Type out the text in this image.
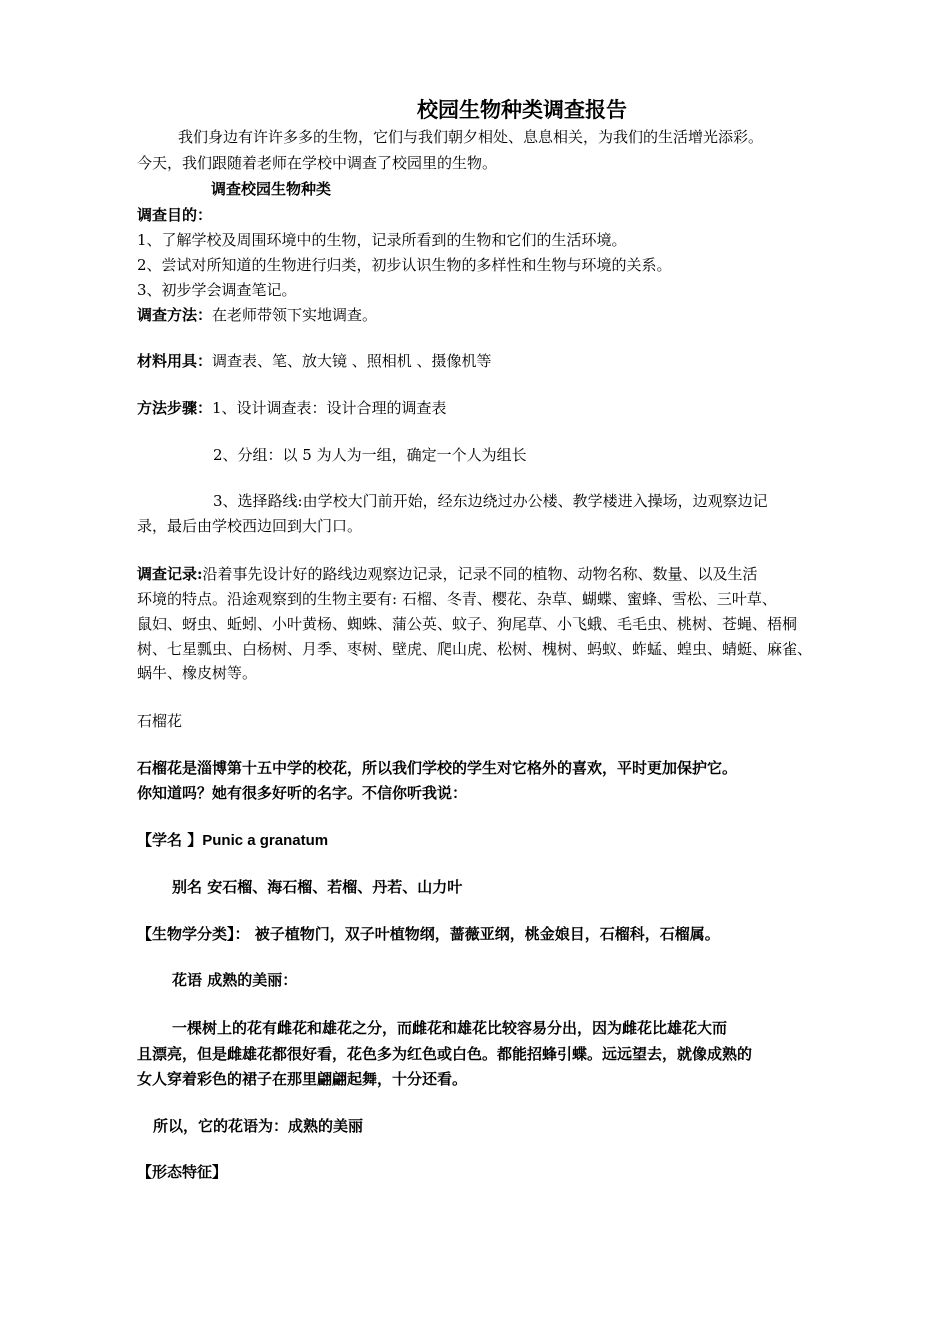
校园生物种类调查报告
我们身边有许许多多的生物，它们与我们朝夕相处、息息相关，为我们的生活增光添彩。
今天，我们跟随着老师在学校中调查了校园里的生物。
调查校园生物种类
调查目的：
1、了解学校及周围环境中的生物，记录所看到的生物和它们的生活环境。
2、尝试对所知道的生物进行归类，初步认识生物的多样性和生物与环境的关系。
3、初步学会调查笔记。
调查方法：在老师带领下实地调查。
材料用具：调查表、笔、放大镜 、照相机 、摄像机等
方法步骤：1、设计调查表：设计合理的调查表
2、分组：以 5 为人为一组，确定一个人为组长
3、选择路线:由学校大门前开始，经东边绕过办公楼、教学楼进入操场，边观察边记
录，最后由学校西边回到大门口。
调查记录:沿着事先设计好的路线边观察边记录，记录不同的植物、动物名称、数量、以及生活
环境的特点。沿途观察到的生物主要有: 石榴、冬青、樱花、杂草、蝴蝶、蜜蜂、雪松、三叶草、
鼠妇、蚜虫、蚯蚓、小叶黄杨、蜘蛛、蒲公英、蚊子、狗尾草、小飞蛾、毛毛虫、桃树、苍蝇、梧桐
树、七星瓢虫、白杨树、月季、枣树、壁虎、爬山虎、松树、槐树、蚂蚁、蚱蜢、蝗虫、蜻蜓、麻雀、
蜗牛、橡皮树等。
石榴花
石榴花是淄博第十五中学的校花，所以我们学校的学生对它格外的喜欢，平时更加保护它。
你知道吗？她有很多好听的名字。不信你听我说：
【学名 】Punic a granatum
别名 安石榴、海石榴、若榴、丹若、山力叶
【生物学分类】： 被子植物门，双子叶植物纲，蔷薇亚纲，桃金娘目，石榴科，石榴属。
花语 成熟的美丽：
一棵树上的花有雌花和雄花之分，而雌花和雄花比较容易分出，因为雌花比雄花大而
且漂亮，但是雌雄花都很好看，花色多为红色或白色。都能招蜂引蝶。远远望去，就像成熟的
女人穿着彩色的裙子在那里翩翩起舞，十分还看。
所以，它的花语为：成熟的美丽
【形态特征】
